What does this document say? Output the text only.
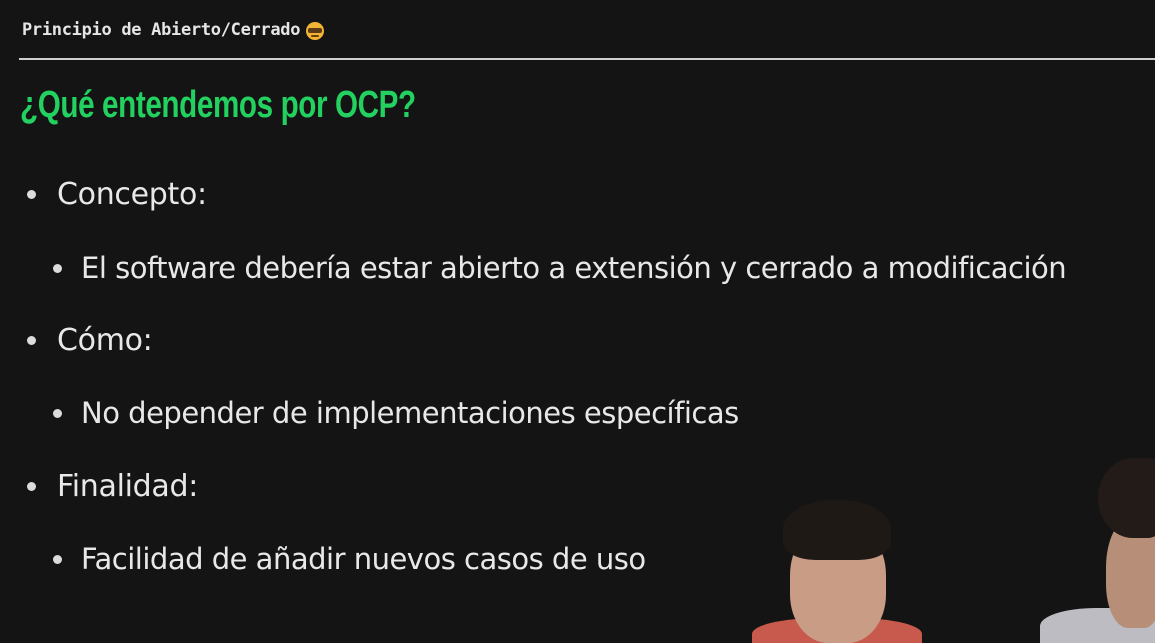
Principio de Abierto/Cerrado
¿Qué entendemos por OCP?
Concepto:
El software debería estar abierto a extensión y cerrado a modificación
Cómo:
No depender de implementaciones específicas
Finalidad:
Facilidad de añadir nuevos casos de uso
